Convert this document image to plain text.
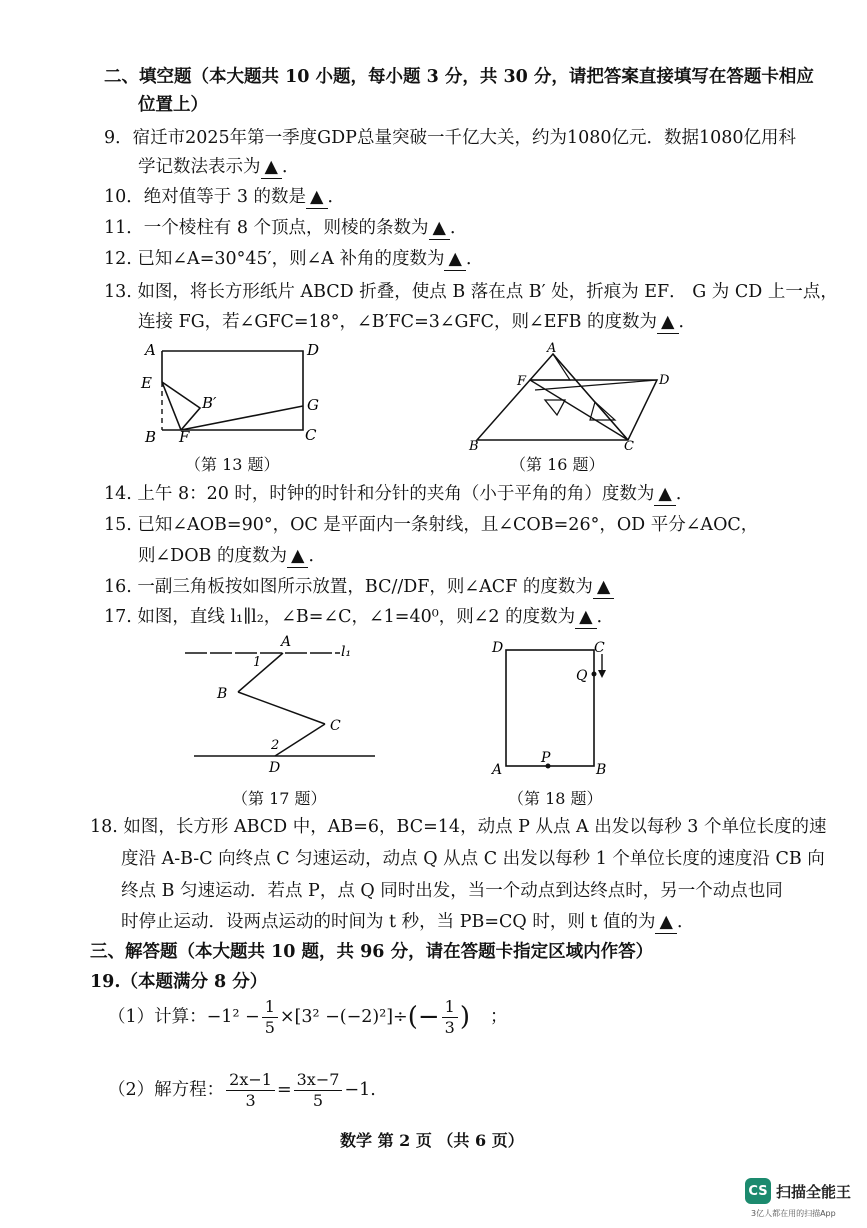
二、填空题（本大题共 10 小题，每小题 3 分，共 30 分，请把答案直接填写在答题卡相应
位置上）
9．宿迁市2025年第一季度GDP总量突破一千亿大关，约为1080亿元．数据1080亿用科
学记数法表示为 ▲ ．
10．绝对值等于 3 的数是 ▲ ．
11．一个棱柱有 8 个顶点，则棱的条数为 ▲ ．
12. 已知∠A=30°45′，则∠A 补角的度数为 ▲ ．
13. 如图，将长方形纸片 ABCD 折叠，使点 B 落在点 B′ 处，折痕为 EF． G 为 CD 上一点，
连接 FG，若∠GFC=18°，∠B′FC=3∠GFC，则∠EFB 的度数为 ▲ ．
A	D
E
B′	G
B F	C
（第 13 题）
A
F	D
B	C
（第 16 题）
14. 上午 8：20 时，时钟的时针和分针的夹角（小于平角的角）度数为 ▲ ．
15. 已知∠AOB=90°，OC 是平面内一条射线，且∠COB=26°，OD 平分∠AOC，
则∠DOB 的度数为 ▲ ．
16. 一副三角板按如图所示放置，BC//DF，则∠ACF 的度数为 ▲
17. 如图，直线 l₁∥l₂，∠B=∠C，∠1=40⁰，则∠2 的度数为 ▲ ．
A
l₁
1
B
C
2
D
（第 17 题）
D	C
Q
A
P
B
（第 18 题）
18. 如图，长方形 ABCD 中，AB=6，BC=14，动点 P 从点 A 出发以每秒 3 个单位长度的速
度沿 A-B-C 向终点 C 匀速运动，动点 Q 从点 C 出发以每秒 1 个单位长度的速度沿 CB 向
终点 B 匀速运动．若点 P，点 Q 同时出发，当一个动点到达终点时，另一个动点也同
时停止运动．设两点运动的时间为 t 秒，当 PB=CQ 时，则 t 值的为 ▲ ．
三、解答题（本大题共 10 题，共 96 分，请在答题卡指定区域内作答）
19.（本题满分 8 分）
（1）计算： $-1^2 - \frac{1}{5} \times[3^2 -(-2)^2]\div$ (− $\frac{1}{3}$ ) ；
（2）解方程： $\frac{2x-1}{3} = \frac{3x-7}{5} -1$.
数学 第 2 页 （共 6 页）
CS 扫描全能王
3亿人都在用的扫描App
